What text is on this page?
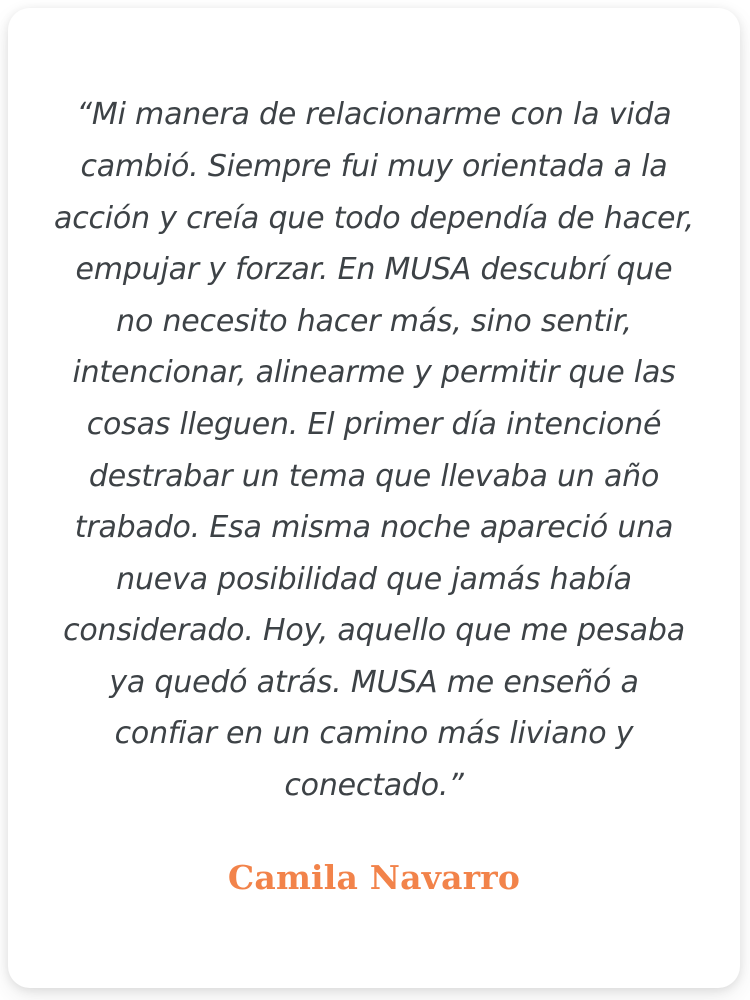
“Mi manera de relacionarme con la vida cambió. Siempre fui muy orientada a la acción y creía que todo dependía de hacer, empujar y forzar. En MUSA descubrí que no necesito hacer más, sino sentir, intencionar, alinearme y permitir que las cosas lleguen. El primer día intencioné destrabar un tema que llevaba un año trabado. Esa misma noche apareció una nueva posibilidad que jamás había considerado. Hoy, aquello que me pesaba ya quedó atrás. MUSA me enseñó a confiar en un camino más liviano y conectado.”

Camila Navarro
